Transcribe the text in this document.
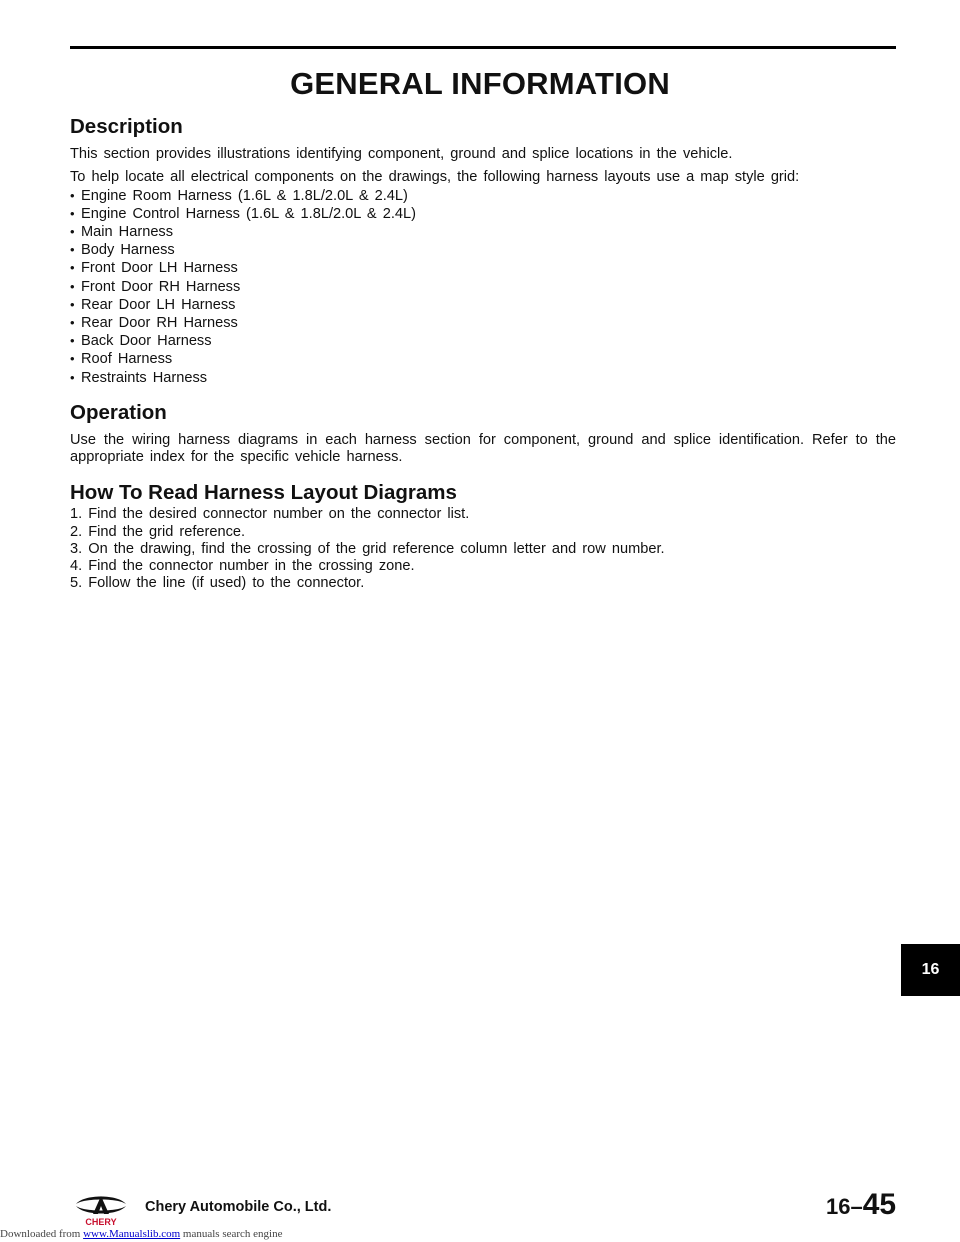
GENERAL INFORMATION
Description

This section provides illustrations identifying component, ground and splice locations in the vehicle.

To help locate all electrical components on the drawings, the following harness layouts use a map style grid:

• Engine Room Harness (1.6L & 1.8L/2.0L & 2.4L)
• Engine Control Harness (1.6L & 1.8L/2.0L & 2.4L)
• Main Harness
• Body Harness
• Front Door LH Harness
• Front Door RH Harness
• Rear Door LH Harness
• Rear Door RH Harness
• Back Door Harness
• Roof Harness
• Restraints Harness
Operation

Use the wiring harness diagrams in each harness section for component, ground and splice identification. Refer to the appropriate index for the specific vehicle harness.

How To Read Harness Layout Diagrams
1. Find the desired connector number on the connector list.
2. Find the grid reference.
3. On the drawing, find the crossing of the grid reference column letter and row number.
4. Find the connector number in the crossing zone.
5. Follow the line (if used) to the connector.
16
CHERY
Chery Automobile Co., Ltd.	16–45
Downloaded from www.Manualslib.com manuals search engine
